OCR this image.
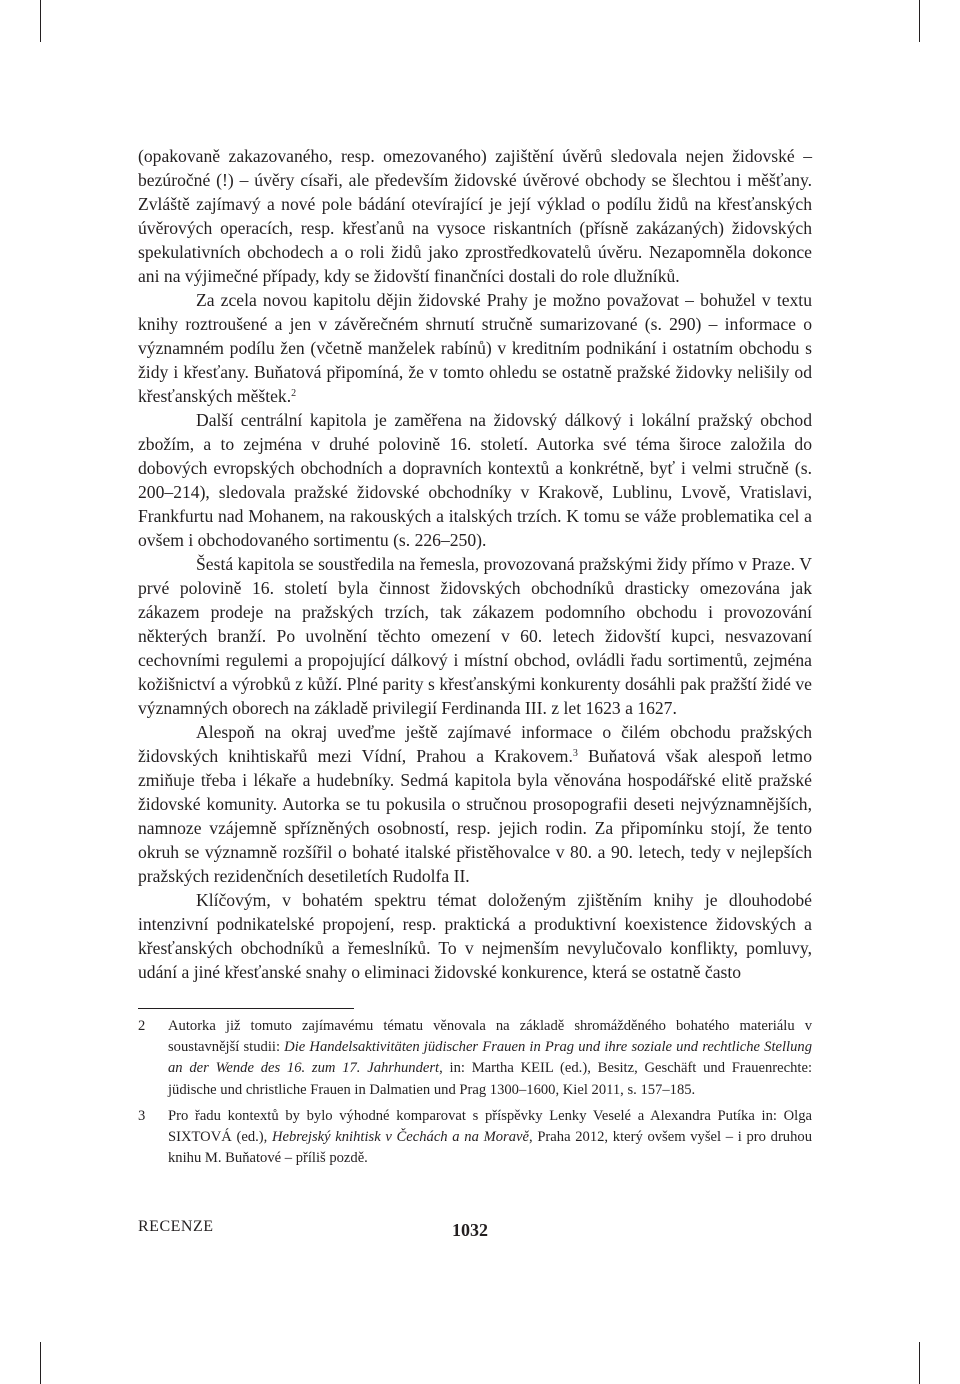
(opakovaně zakazovaného, resp. omezovaného) zajištění úvěrů sledovala nejen židovské – bezúročné (!) – úvěry císaři, ale především židovské úvěrové obchody se šlechtou i měšťany. Zvláště zajímavý a nové pole bádání otevírající je její výklad o podílu židů na křesťanských úvěrových operacích, resp. křesťanů na vysoce riskantních (přísně zakázaných) židovských spekulativních obchodech a o roli židů jako zprostředkovatelů úvěru. Nezapomněla dokonce ani na výjimečné případy, kdy se židovští finančníci dostali do role dlužníků.

Za zcela novou kapitolu dějin židovské Prahy je možno považovat – bohužel v textu knihy roztroušené a jen v závěrečném shrnutí stručně sumarizované (s. 290) – informace o významném podílu žen (včetně manželek rabínů) v kreditním podnikání i ostatním obchodu s židy i křesťany. Buňatová připomíná, že v tomto ohledu se ostatně pražské židovky nelišily od křesťanských měštek.$^2$

Další centrální kapitola je zaměřena na židovský dálkový i lokální pražský obchod zbožím, a to zejména v druhé polovině 16. století. Autorka své téma široce založila do dobových evropských obchodních a dopravních kontextů a konkrétně, byť i velmi stručně (s. 200–214), sledovala pražské židovské obchodníky v Krakově, Lublinu, Lvově, Vratislavi, Frankfurtu nad Mohanem, na rakouských a italských trzích. K tomu se váže problematika cel a ovšem i obchodovaného sortimentu (s. 226–250).

Šestá kapitola se soustředila na řemesla, provozovaná pražskými židy přímo v Praze. V prvé polovině 16. století byla činnost židovských obchodníků drasticky omezována jak zákazem prodeje na pražských trzích, tak zákazem podomního obchodu i provozování některých branží. Po uvolnění těchto omezení v 60. letech židovští kupci, nesvazovaní cechovními regulemi a propojující dálkový i místní obchod, ovládli řadu sortimentů, zejména kožišnictví a výrobků z kůží. Plné parity s křesťanskými konkurenty dosáhli pak pražští židé ve významných oborech na základě privilegií Ferdinanda III. z let 1623 a 1627.

Alespoň na okraj uveďme ještě zajímavé informace o čilém obchodu pražských židovských knihtiskařů mezi Vídní, Prahou a Krakovem.$^3$ Buňatová však alespoň letmo zmiňuje třeba i lékaře a hudebníky. Sedmá kapitola byla věnována hospodářské elitě pražské židovské komunity. Autorka se tu pokusila o stručnou prosopografii deseti nejvýznamnějších, namnoze vzájemně spřízněných osobností, resp. jejich rodin. Za připomínku stojí, že tento okruh se významně rozšířil o bohaté italské přistěhovalce v 80. a 90. letech, tedy v nejlepších pražských rezidenčních desetiletích Rudolfa II.

Klíčovým, v bohatém spektru témat doloženým zjištěním knihy je dlouhodobé intenzivní podnikatelské propojení, resp. praktická a produktivní koexistence židovských a křesťanských obchodníků a řemeslníků. To v nejmenším nevylučovalo konflikty, pomluvy, udání a jiné křesťanské snahy o eliminaci židovské konkurence, která se ostatně často

2	Autorka již tomuto zajímavému tématu věnovala na základě shromážděného bohatého materiálu v soustavnější studii: Die Handelsaktivitäten jüdischer Frauen in Prag und ihre soziale und rechtliche Stellung an der Wende des 16. zum 17. Jahrhundert, in: Martha KEIL (ed.), Besitz, Geschäft und Frauenrechte: jüdische und christliche Frauen in Dalmatien und Prag 1300–1600, Kiel 2011, s. 157–185.
3	Pro řadu kontextů by bylo výhodné komparovat s příspěvky Lenky Veselé a Alexandra Putíka in: Olga SIXTOVÁ (ed.), Hebrejský knihtisk v Čechách a na Moravě, Praha 2012, který ovšem vyšel – i pro druhou knihu M. Buňatové – příliš pozdě.
RECENZE	1032
